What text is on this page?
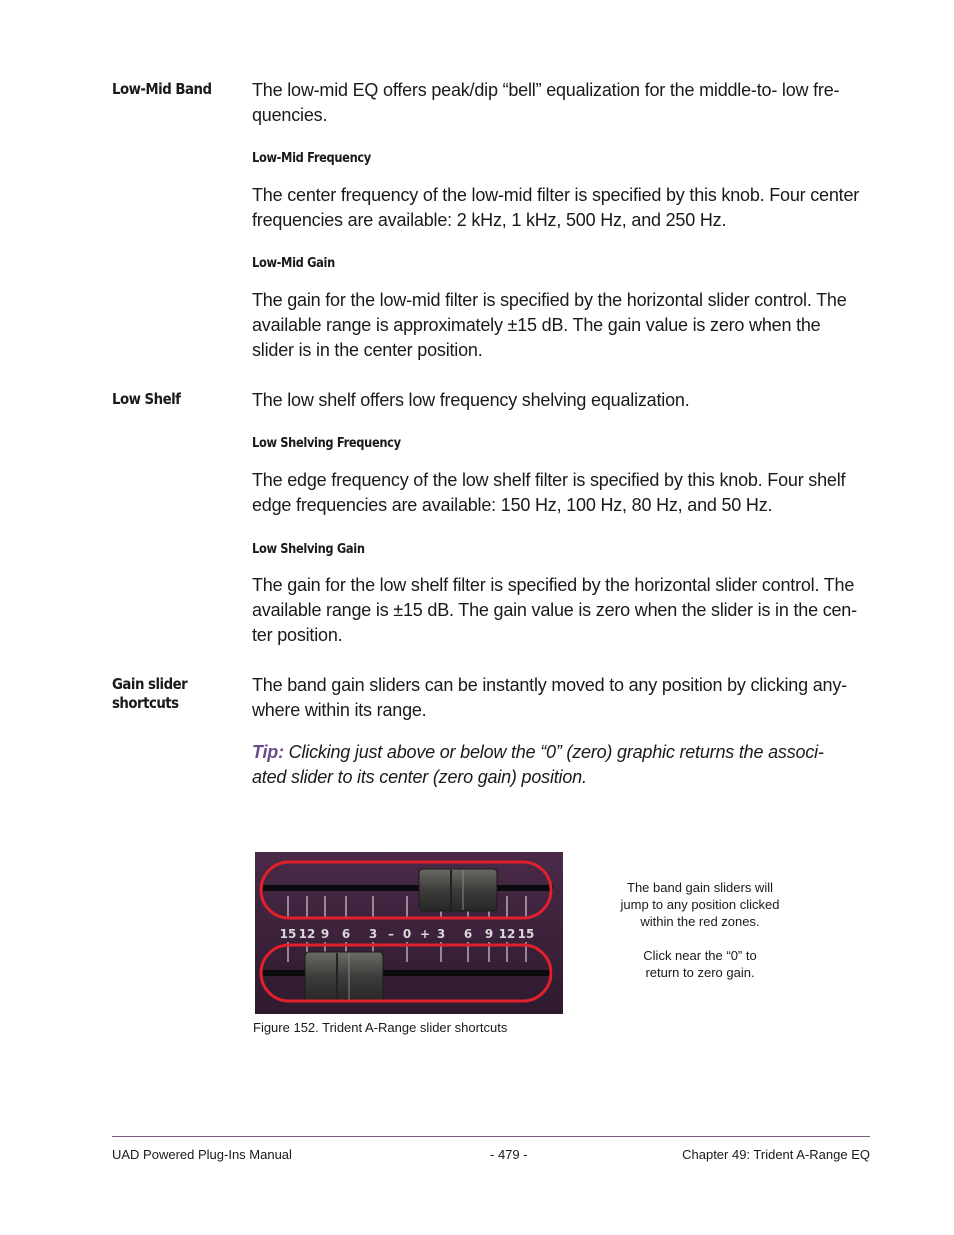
Low-Mid Band	The low-mid EQ offers peak/dip “bell” equalization for the middle-to- low fre-
quencies.
Low-Mid Frequency
The center frequency of the low-mid filter is specified by this knob. Four center
frequencies are available: 2 kHz, 1 kHz, 500 Hz, and 250 Hz.
Low-Mid Gain
The gain for the low-mid filter is specified by the horizontal slider control. The
available range is approximately ±15 dB. The gain value is zero when the
slider is in the center position.
Low Shelf	The low shelf offers low frequency shelving equalization.
Low Shelving Frequency
The edge frequency of the low shelf filter is specified by this knob. Four shelf
edge frequencies are available: 150 Hz, 100 Hz, 80 Hz, and 50 Hz.
Low Shelving Gain
The gain for the low shelf filter is specified by the horizontal slider control. The
available range is ±15 dB. The gain value is zero when the slider is in the cen-
ter position.
Gain slider
shortcuts
The band gain sliders can be instantly moved to any position by clicking any-
where within its range.
Tip: Clicking just above or below the “0” (zero) graphic returns the associ-
ated slider to its center (zero gain) position.
15 12 9 6 3 – 0 + 3 6 9 12 15
The band gain sliders will
jump to any position clicked
within the red zones.
Click near the “0” to
return to zero gain.
Figure 152. Trident A-Range slider shortcuts
UAD Powered Plug-Ins Manual	- 479 -	Chapter 49: Trident A-Range EQ
